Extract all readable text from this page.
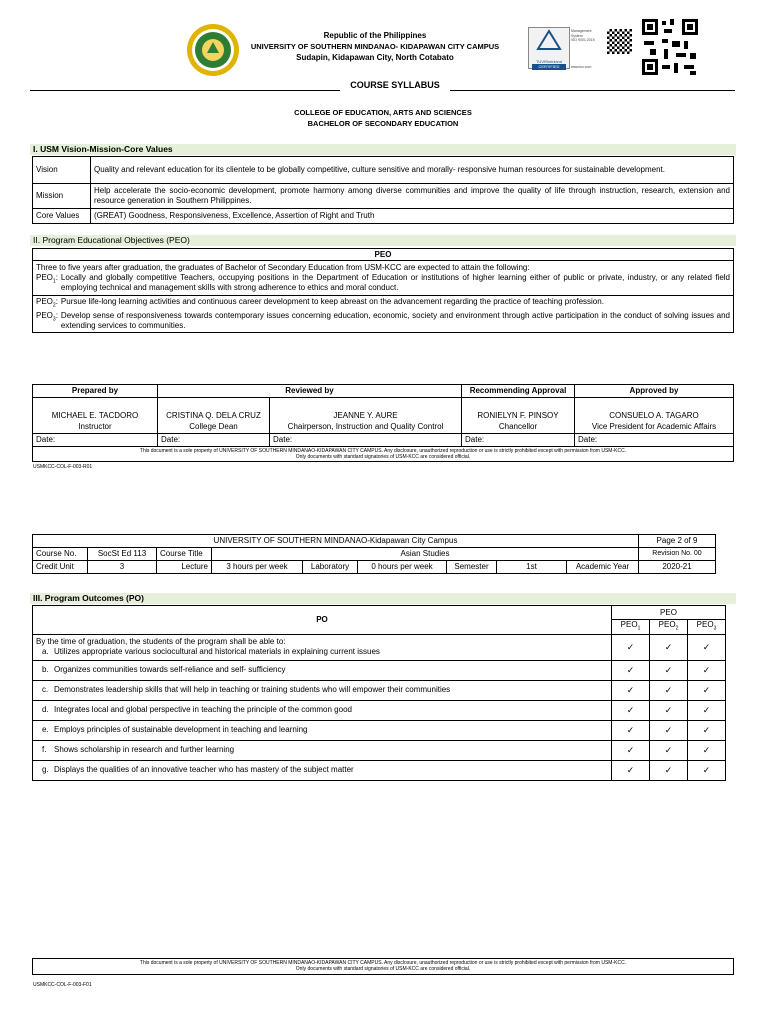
Republic of the Philippines
UNIVERSITY OF SOUTHERN MINDANAO- KIDAPAWAN CITY CAMPUS
Sudapin, Kidapawan City, North Cotabato	TÜVRheinland
CERTIFIED
Management
System
ISO 9001:2015
www.tuv.com
COURSE SYLLABUS
COLLEGE OF EDUCATION, ARTS AND SCIENCES
BACHELOR OF SECONDARY EDUCATION
I. USM Vision-Mission-Core Values
Vision	Quality and relevant education for its clientele to be globally competitive, culture sensitive and morally- responsive human resources for sustainable development.
Mission	Help accelerate the socio-economic development, promote harmony among diverse communities and improve the quality of life through instruction, research, extension and resource generation in Southern Philippines.
Core Values	(GREAT) Goodness, Responsiveness, Excellence, Assertion of Right and Truth
II. Program Educational Objectives (PEO)
PEO

Three to five years after graduation, the graduates of Bachelor of Secondary Education from USM-KCC are expected to attain the following:
$PEO_1$: Locally and globally competitive Teachers, occupying positions in the Department of Education or institutions of higher learning either of public or private, industry, or any related field employing technical and management skills with strong adherence to ethics and moral conduct.

$PEO_2$: Pursue life-long learning activities and continuous career development to keep abreast on the advancement regarding the practice of teaching profession.
$PEO_3$: Develop sense of responsiveness towards contemporary issues concerning education, economic, society and environment through active participation in the conduct of solving issues and extending services to communities.
Prepared by	Reviewed by		Recommending Approval	Approved by
MICHAEL E. TACDORO	CRISTINA Q. DELA CRUZ	JEANNE Y. AURE	RONIELYN F. PINSOY	CONSUELO A. TAGARO
Instructor	College Dean	Chairperson, Instruction and Quality Control	Chancellor	Vice President for Academic Affairs
Date:	Date:	Date:	Date:	Date:

This document is a sole property of UNIVERSITY OF SOUTHERN MINDANAO-KIDAPAWAN CITY CAMPUS. Any disclosure, unauthorized reproduction or use is strictly prohibited except with permission from USM-KCC.
Only documents with standard signatories of USM-KCC are considered official.				
USMKCC-COL-F-003-R01
UNIVERSITY OF SOUTHERN MINDANAO-Kidapawan City Campus									Page 2 of 9
Course No.	SocSt Ed 113	Course Title	Asian Studies						Revision No. 00
Credit Unit	3	Lecture	3 hours per week	Laboratory	0 hours per week	Semester	1st	Academic Year	2020-21
III. Program Outcomes (PO)
PO	PEO		
	$PEO_1$	$PEO_2$	$PEO_3$

By the time of graduation, the students of the program shall be able to:
a. Utilizes appropriate various sociocultural and historical materials in explaining current issues	✓	✓	✓
b. Organizes communities towards self-reliance and self- sufficiency	✓	✓	✓
c. Demonstrates leadership skills that will help in teaching or training students who will empower their communities	✓	✓	✓
d. Integrates local and global perspective in teaching the principle of the common good	✓	✓	✓
e. Employs principles of sustainable development in teaching and learning	✓	✓	✓
f. Shows scholarship in research and further learning	✓	✓	✓
g. Displays the qualities of an innovative teacher who has mastery of the subject matter	✓	✓	✓
This document is a sole property of UNIVERSITY OF SOUTHERN MINDANAO-KIDAPAWAN CITY CAMPUS. Any disclosure, unauthorized reproduction or use is strictly prohibited except with permission from USM-KCC.
Only documents with standard signatories of USM-KCC are considered official.
USMKCC-COL-F-003-F01
